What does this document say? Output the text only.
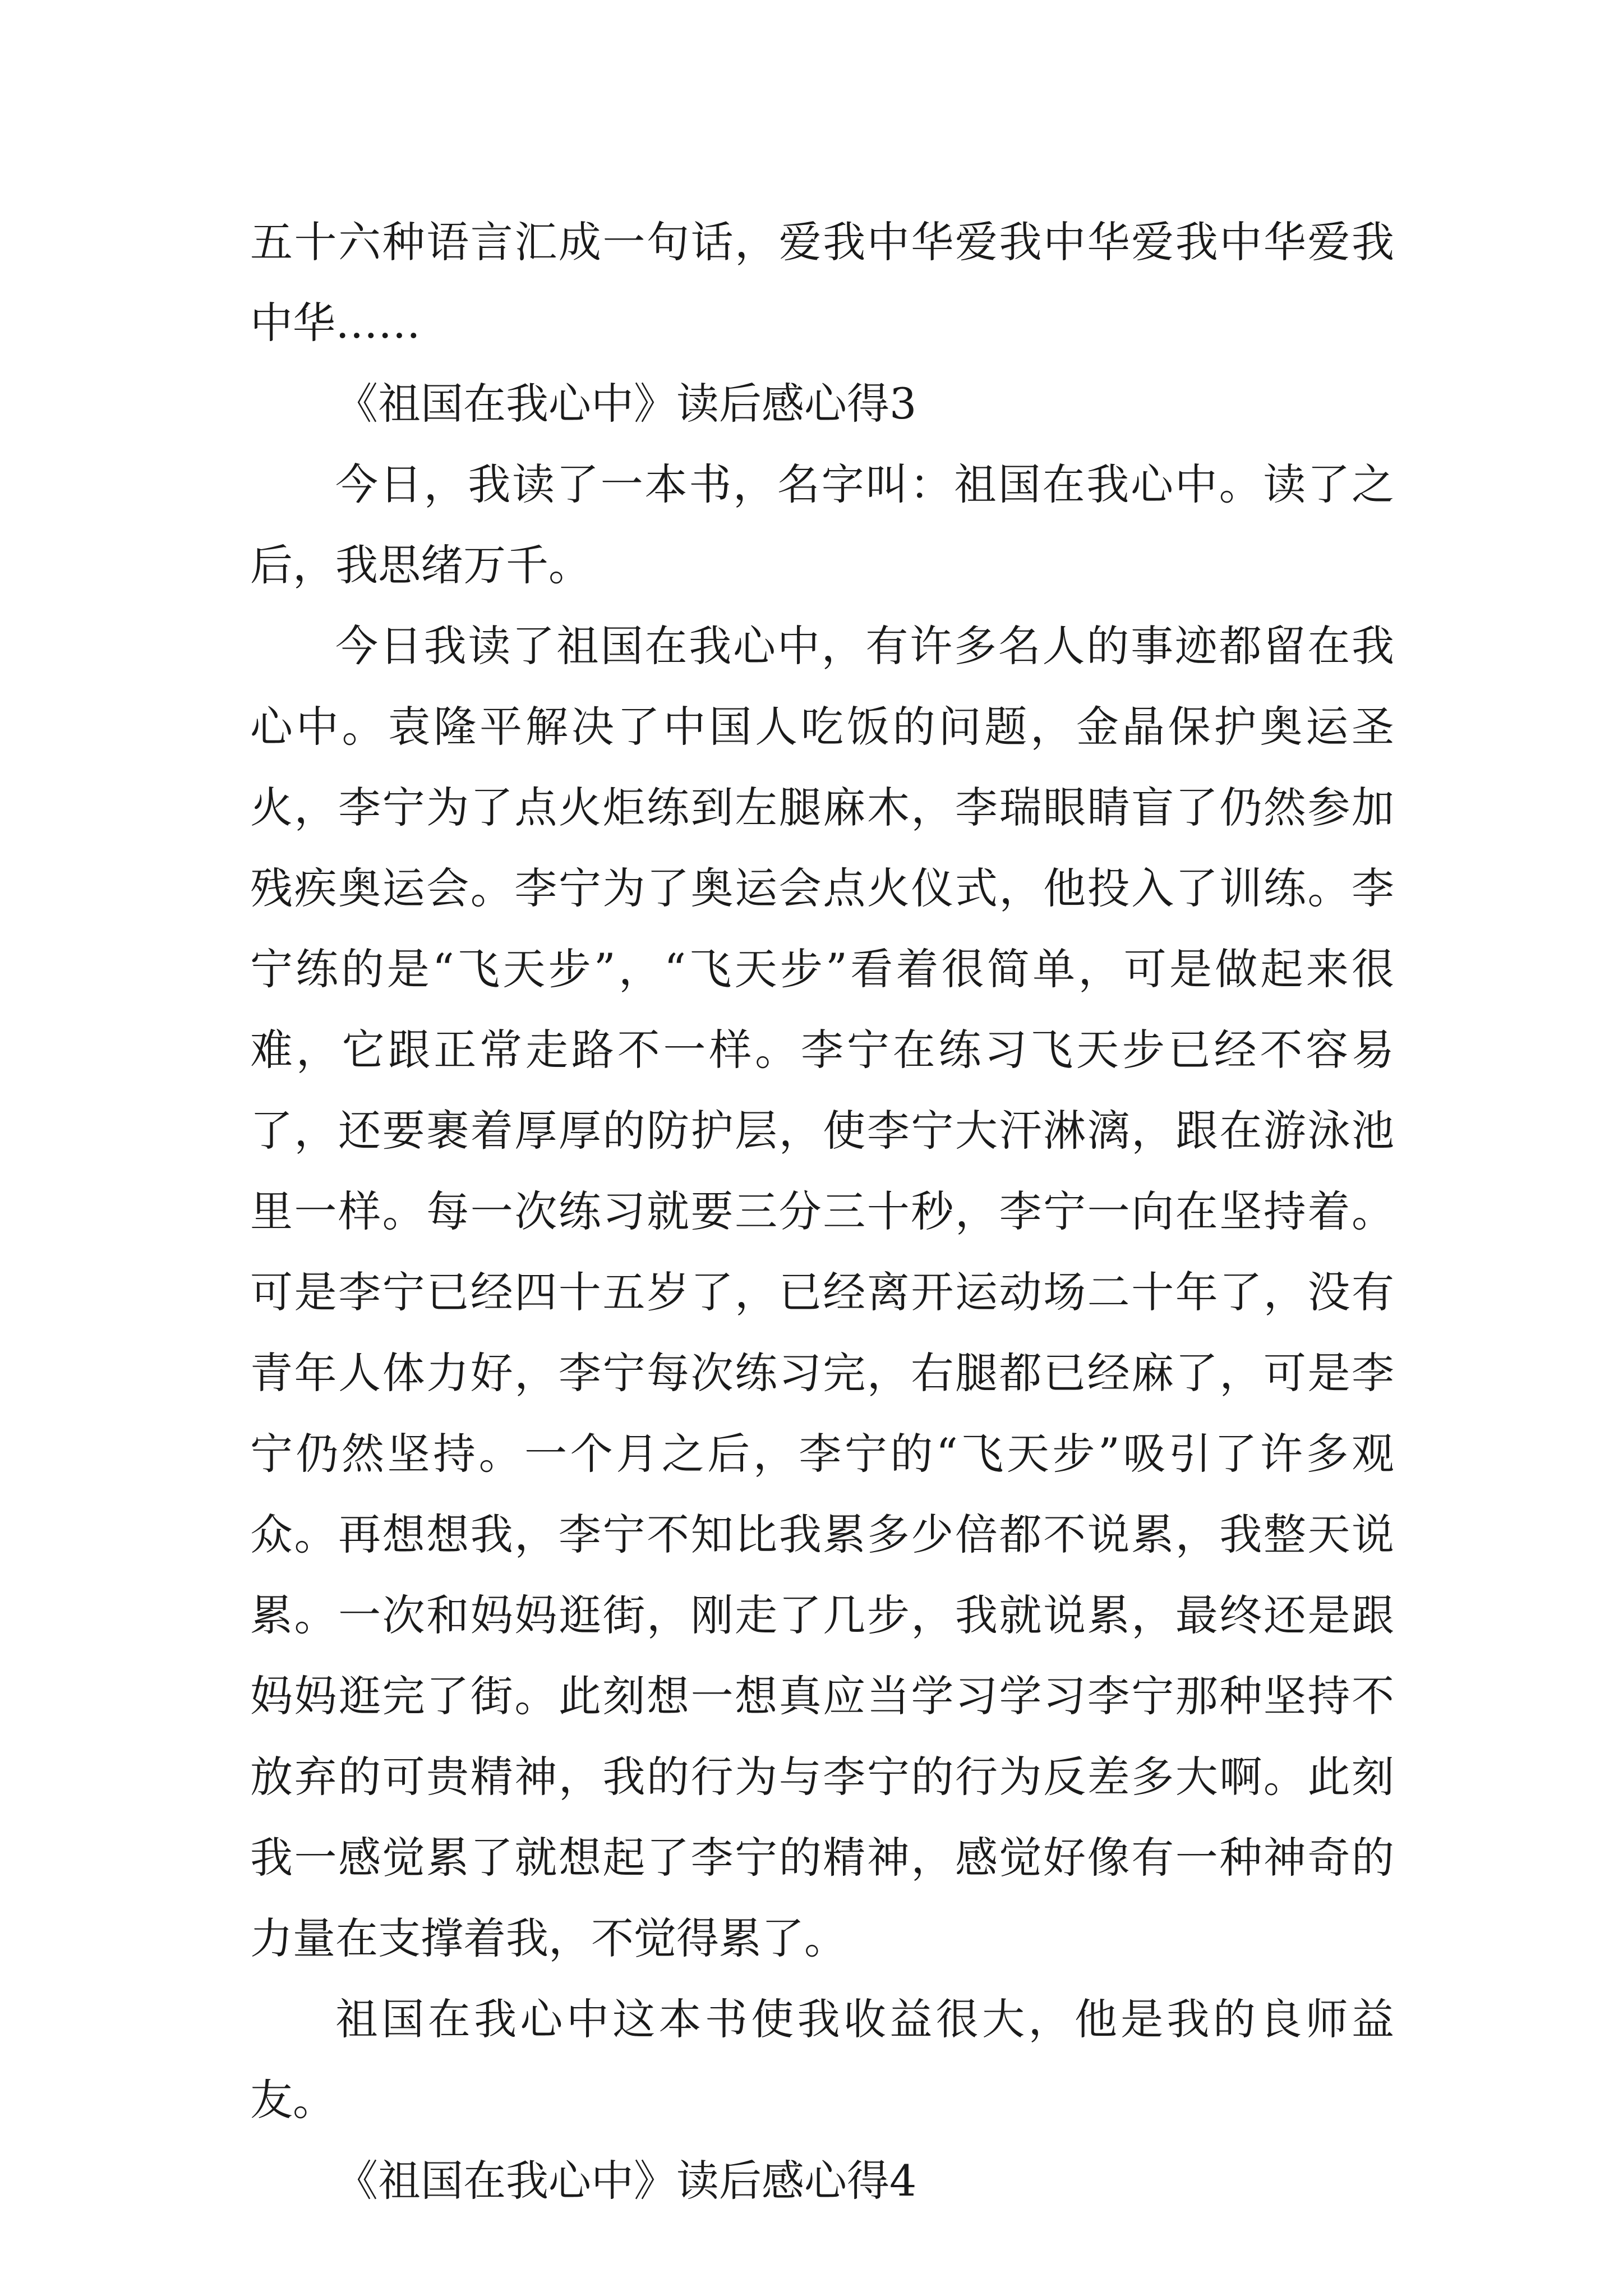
五十六种语言汇成一句话，爱我中华爱我中华爱我中华爱我中华……

《祖国在我心中》读后感心得3

今日，我读了一本书，名字叫：祖国在我心中。读了之后，我思绪万千。

今日我读了祖国在我心中，有许多名人的事迹都留在我心中。袁隆平解决了中国人吃饭的问题，金晶保护奥运圣火，李宁为了点火炬练到左腿麻木，李瑞眼睛盲了仍然参加残疾奥运会。李宁为了奥运会点火仪式，他投入了训练。李宁练的是“飞天步”，“飞天步”看着很简单，可是做起来很难，它跟正常走路不一样。李宁在练习飞天步已经不容易了，还要裹着厚厚的防护层，使李宁大汗淋漓，跟在游泳池里一样。每一次练习就要三分三十秒，李宁一向在坚持着。可是李宁已经四十五岁了，已经离开运动场二十年了，没有青年人体力好，李宁每次练习完，右腿都已经麻了，可是李宁仍然坚持。一个月之后，李宁的“飞天步”吸引了许多观众。再想想我，李宁不知比我累多少倍都不说累，我整天说累。一次和妈妈逛街，刚走了几步，我就说累，最终还是跟妈妈逛完了街。此刻想一想真应当学习学习李宁那种坚持不放弃的可贵精神，我的行为与李宁的行为反差多大啊。此刻我一感觉累了就想起了李宁的精神，感觉好像有一种神奇的力量在支撑着我，不觉得累了。

祖国在我心中这本书使我收益很大，他是我的良师益友。

《祖国在我心中》读后感心得4
